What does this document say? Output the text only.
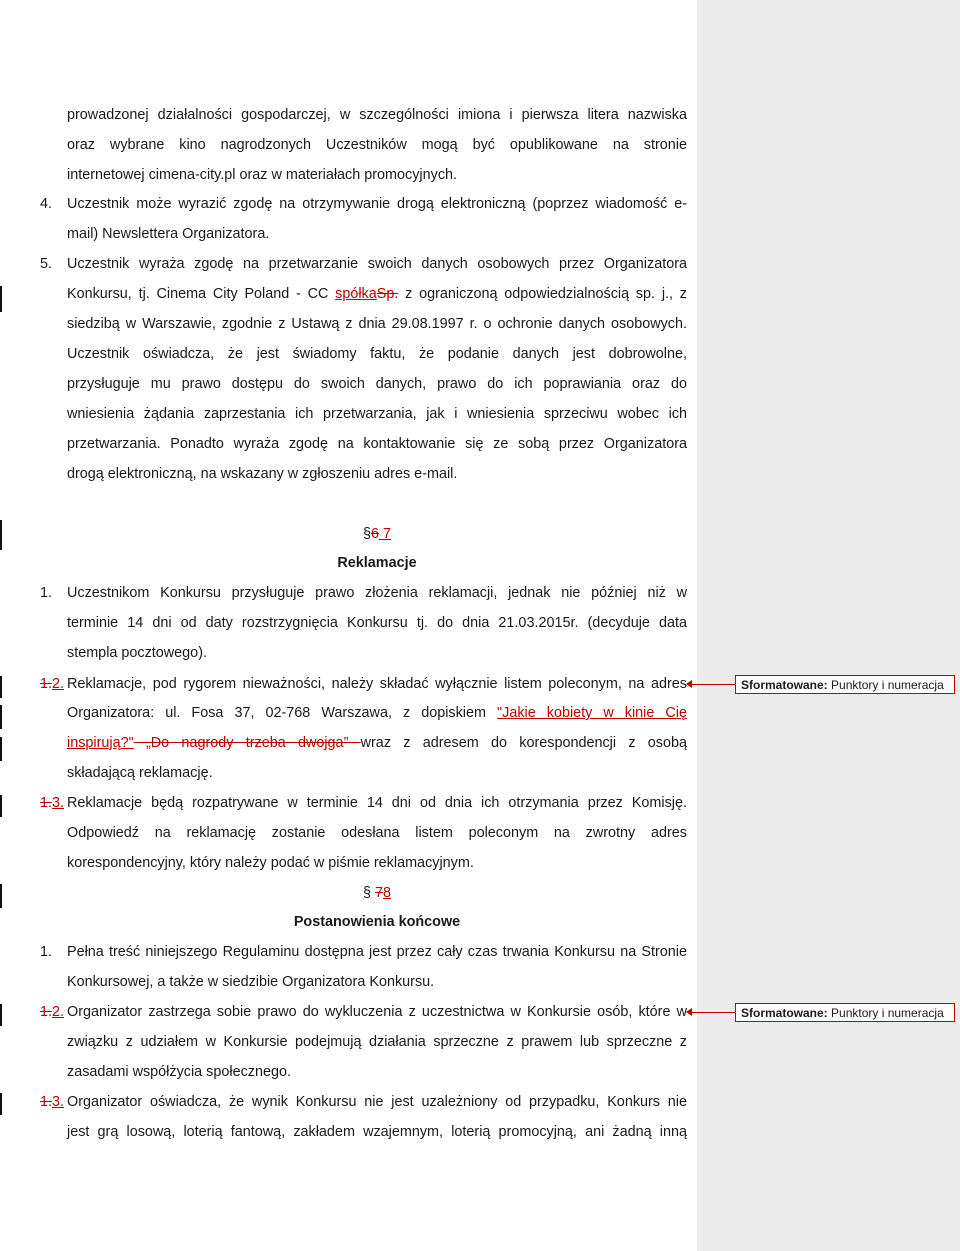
prowadzonej działalności gospodarczej, w szczególności imiona i pierwsza litera nazwiska
oraz wybrane kino nagrodzonych Uczestników mogą być opublikowane na stronie
internetowej cimena-city.pl oraz w materiałach promocyjnych.
4. Uczestnik może wyrazić zgodę na otrzymywanie drogą elektroniczną (poprzez wiadomość e-
mail) Newslettera Organizatora.
5. Uczestnik wyraża zgodę na przetwarzanie swoich danych osobowych przez Organizatora
Konkursu, tj. Cinema City Poland - CC spółkaSp. z ograniczoną odpowiedzialnością sp. j., z
siedzibą w Warszawie, zgodnie z Ustawą z dnia 29.08.1997 r. o ochronie danych osobowych.
Uczestnik oświadcza, że jest świadomy faktu, że podanie danych jest dobrowolne,
przysługuje mu prawo dostępu do swoich danych, prawo do ich poprawiania oraz do
wniesienia żądania zaprzestania ich przetwarzania, jak i wniesienia sprzeciwu wobec ich
przetwarzania. Ponadto wyraża zgodę na kontaktowanie się ze sobą przez Organizatora
drogą elektroniczną, na wskazany w zgłoszeniu adres e-mail.
§6 7
Reklamacje
1. Uczestnikom Konkursu przysługuje prawo złożenia reklamacji, jednak nie później niż w
terminie 14 dni od daty rozstrzygnięcia Konkursu tj. do dnia 21.03.2015r. (decyduje data
stempla pocztowego).
1.2. Reklamacje, pod rygorem nieważności, należy składać wyłącznie listem poleconym, na adres
Organizatora: ul. Fosa 37, 02-768 Warszawa, z dopiskiem "Jakie kobiety w kinie Cię
inspirują?" „Do nagrody trzeba dwojga” wraz z adresem do korespondencji z osobą
składającą reklamację.
1.3. Reklamacje będą rozpatrywane w terminie 14 dni od dnia ich otrzymania przez Komisję.
Odpowiedź na reklamację zostanie odesłana listem poleconym na zwrotny adres
korespondencyjny, który należy podać w piśmie reklamacyjnym.
§ 78
Postanowienia końcowe
1. Pełna treść niniejszego Regulaminu dostępna jest przez cały czas trwania Konkursu na Stronie
Konkursowej, a także w siedzibie Organizatora Konkursu.
1.2. Organizator zastrzega sobie prawo do wykluczenia z uczestnictwa w Konkursie osób, które w
związku z udziałem w Konkursie podejmują działania sprzeczne z prawem lub sprzeczne z
zasadami współżycia społecznego.
1.3. Organizator oświadcza, że wynik Konkursu nie jest uzależniony od przypadku, Konkurs nie
jest grą losową, loterią fantową, zakładem wzajemnym, loterią promocyjną, ani żadną inną
Sformatowane: Punktory i numeracja
Sformatowane: Punktory i numeracja
